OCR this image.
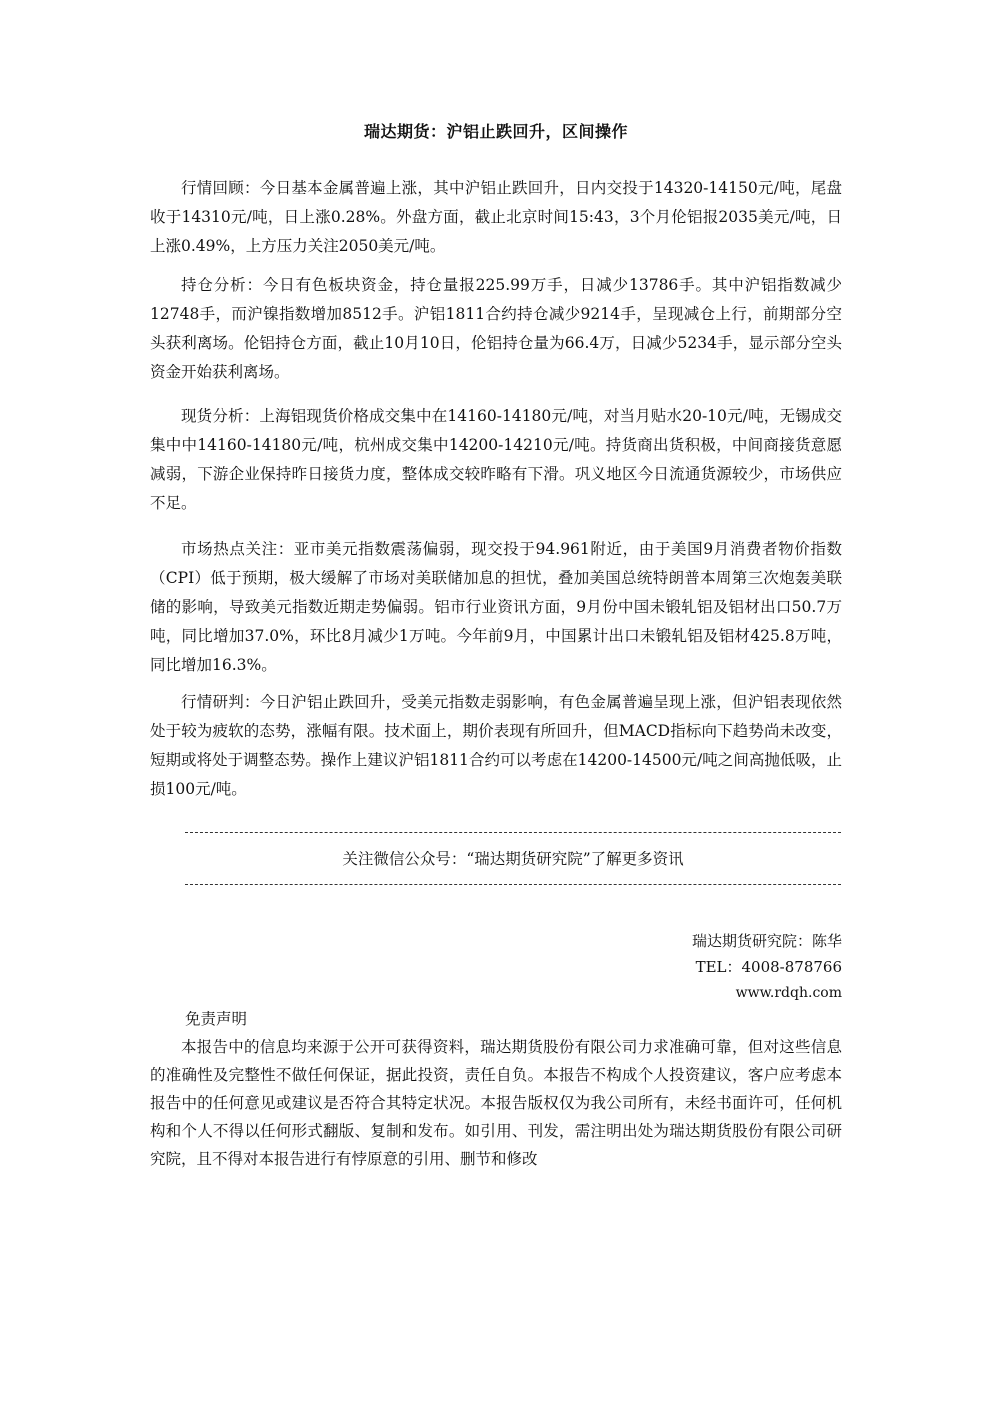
瑞达期货：沪铝止跌回升，区间操作

行情回顾：今日基本金属普遍上涨，其中沪铝止跌回升，日内交投于14320-14150元/吨，尾盘收于14310元/吨，日上涨0.28%。外盘方面，截止北京时间15:43，3个月伦铝报2035美元/吨，日上涨0.49%，上方压力关注2050美元/吨。

持仓分析：今日有色板块资金，持仓量报225.99万手，日减少13786手。其中沪铝指数减少12748手，而沪镍指数增加8512手。沪铝1811合约持仓减少9214手，呈现减仓上行，前期部分空头获利离场。伦铝持仓方面，截止10月10日，伦铝持仓量为66.4万，日减少5234手，显示部分空头资金开始获利离场。

现货分析：上海铝现货价格成交集中在14160-14180元/吨，对当月贴水20-10元/吨，无锡成交集中中14160-14180元/吨，杭州成交集中14200-14210元/吨。持货商出货积极，中间商接货意愿减弱，下游企业保持昨日接货力度，整体成交较昨略有下滑。巩义地区今日流通货源较少，市场供应不足。

市场热点关注：亚市美元指数震荡偏弱，现交投于94.961附近，由于美国9月消费者物价指数（CPI）低于预期，极大缓解了市场对美联储加息的担忧，叠加美国总统特朗普本周第三次炮轰美联储的影响，导致美元指数近期走势偏弱。铝市行业资讯方面，9月份中国未锻轧铝及铝材出口50.7万吨，同比增加37.0%，环比8月减少1万吨。今年前9月，中国累计出口未锻轧铝及铝材425.8万吨，同比增加16.3%。

行情研判：今日沪铝止跌回升，受美元指数走弱影响，有色金属普遍呈现上涨，但沪铝表现依然处于较为疲软的态势，涨幅有限。技术面上，期价表现有所回升，但MACD指标向下趋势尚未改变，短期或将处于调整态势。操作上建议沪铝1811合约可以考虑在14200-14500元/吨之间高抛低吸，止损100元/吨。

关注微信公众号：“瑞达期货研究院”了解更多资讯
瑞达期货研究院：陈华
TEL：4008-878766
www.rdqh.com
免责声明

本报告中的信息均来源于公开可获得资料，瑞达期货股份有限公司力求准确可靠，但对这些信息的准确性及完整性不做任何保证，据此投资，责任自负。本报告不构成个人投资建议，客户应考虑本报告中的任何意见或建议是否符合其特定状况。本报告版权仅为我公司所有，未经书面许可，任何机构和个人不得以任何形式翻版、复制和发布。如引用、刊发，需注明出处为瑞达期货股份有限公司研究院，且不得对本报告进行有悖原意的引用、删节和修改
